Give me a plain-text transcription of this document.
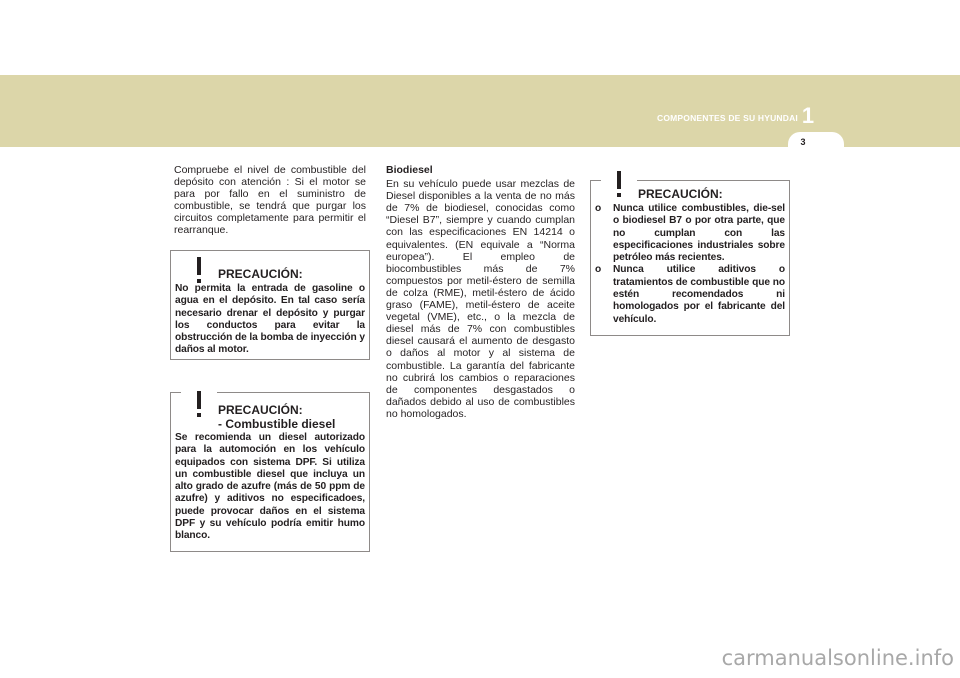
COMPONENTES DE SU HYUNDAI 1
3
Compruebe el nivel de combustible del depósito con atención : Si el motor se para por fallo en el suministro de combustible, se tendrá que purgar los circuitos completamente para permitir el rearranque.
PRECAUCIÓN:
No permita la entrada de gasoline o agua en el depósito. En tal caso sería necesario drenar el depósito y purgar los conductos para evitar la obstrucción de la bomba de inyección y daños al motor.
PRECAUCIÓN:
- Combustible diesel
Se recomienda un diesel autorizado para la automoción en los vehículo equipados con sistema DPF. Si utiliza un combustible diesel que incluya un alto grado de azufre (más de 50 ppm de azufre) y aditivos no especificadoes, puede provocar daños en el sistema DPF y su vehículo podría emitir humo blanco.
Biodiesel
En su vehículo puede usar mezclas de Diesel disponibles a la venta de no más de 7% de biodiesel, conocidas como “Diesel B7”, siempre y cuando cumplan con las especificaciones EN 14214 o equivalentes. (EN equivale a “Norma europea”). El empleo de biocombustibles más de 7% compuestos por metil-éstero de semilla de colza (RME), metil-éstero de ácido graso (FAME), metil-éstero de aceite vegetal (VME), etc., o la mezcla de diesel más de 7% con combustibles diesel causará el aumento de desgasto o daños al motor y al sistema de combustible. La garantía del fabricante no cubrirá los cambios o reparaciones de componentes desgastados o dañados debido al uso de combustibles no homologados.
PRECAUCIÓN:
o Nunca utilice combustibles, die-sel o biodiesel B7 o por otra parte, que no cumplan con las especificaciones industriales sobre petróleo más recientes.
o Nunca utilice aditivos o tratamientos de combustible que no estén recomendados ni homologados por el fabricante del vehículo.
carmanualsonline.info
